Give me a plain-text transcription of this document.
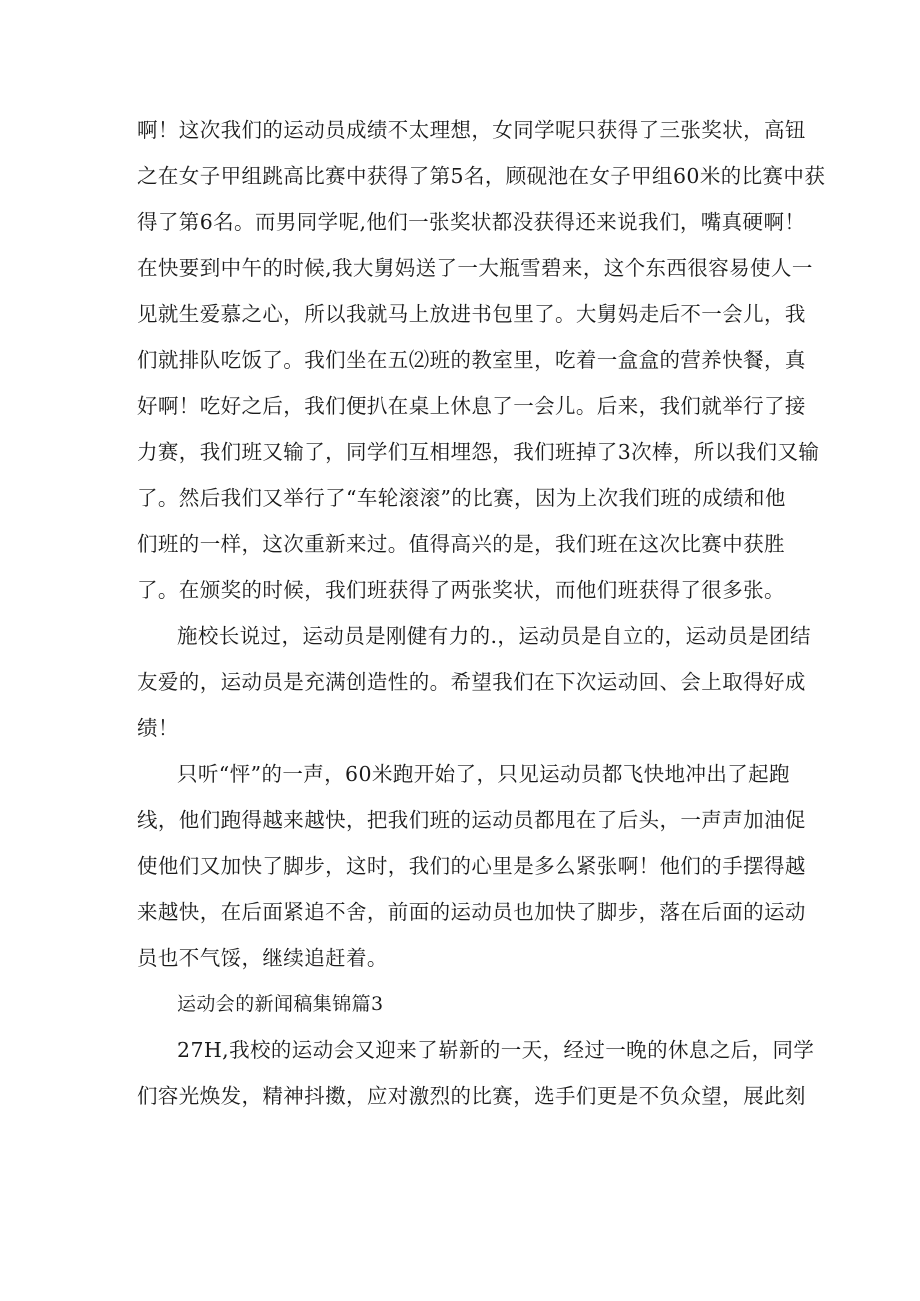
啊！这次我们的运动员成绩不太理想，女同学呢只获得了三张奖状，高钮
之在女子甲组跳高比赛中获得了第5名，顾砚池在女子甲组60米的比赛中获
得了第6名。而男同学呢,他们一张奖状都没获得还来说我们，嘴真硬啊！
在快要到中午的时候,我大舅妈送了一大瓶雪碧来，这个东西很容易使人一
见就生爱慕之心，所以我就马上放进书包里了。大舅妈走后不一会儿，我
们就排队吃饭了。我们坐在五⑵班的教室里，吃着一盒盒的营养快餐，真
好啊！吃好之后，我们便扒在桌上休息了一会儿。后来，我们就举行了接
力赛，我们班又输了，同学们互相埋怨，我们班掉了3次棒，所以我们又输
了。然后我们又举行了“车轮滚滚”的比赛，因为上次我们班的成绩和他
们班的一样，这次重新来过。值得高兴的是，我们班在这次比赛中获胜
了。在颁奖的时候，我们班获得了两张奖状，而他们班获得了很多张。
施校长说过，运动员是刚健有力的.，运动员是自立的，运动员是团结
友爱的，运动员是充满创造性的。希望我们在下次运动回、会上取得好成
绩！
只听“怦”的一声，60米跑开始了，只见运动员都飞快地冲出了起跑
线，他们跑得越来越快，把我们班的运动员都甩在了后头，一声声加油促
使他们又加快了脚步，这时，我们的心里是多么紧张啊！他们的手摆得越
来越快，在后面紧追不舍，前面的运动员也加快了脚步，落在后面的运动
员也不气馁，继续追赶着。
运动会的新闻稿集锦篇3
27H,我校的运动会又迎来了崭新的一天，经过一晚的休息之后，同学
们容光焕发，精神抖擞，应对激烈的比赛，选手们更是不负众望，展此刻
